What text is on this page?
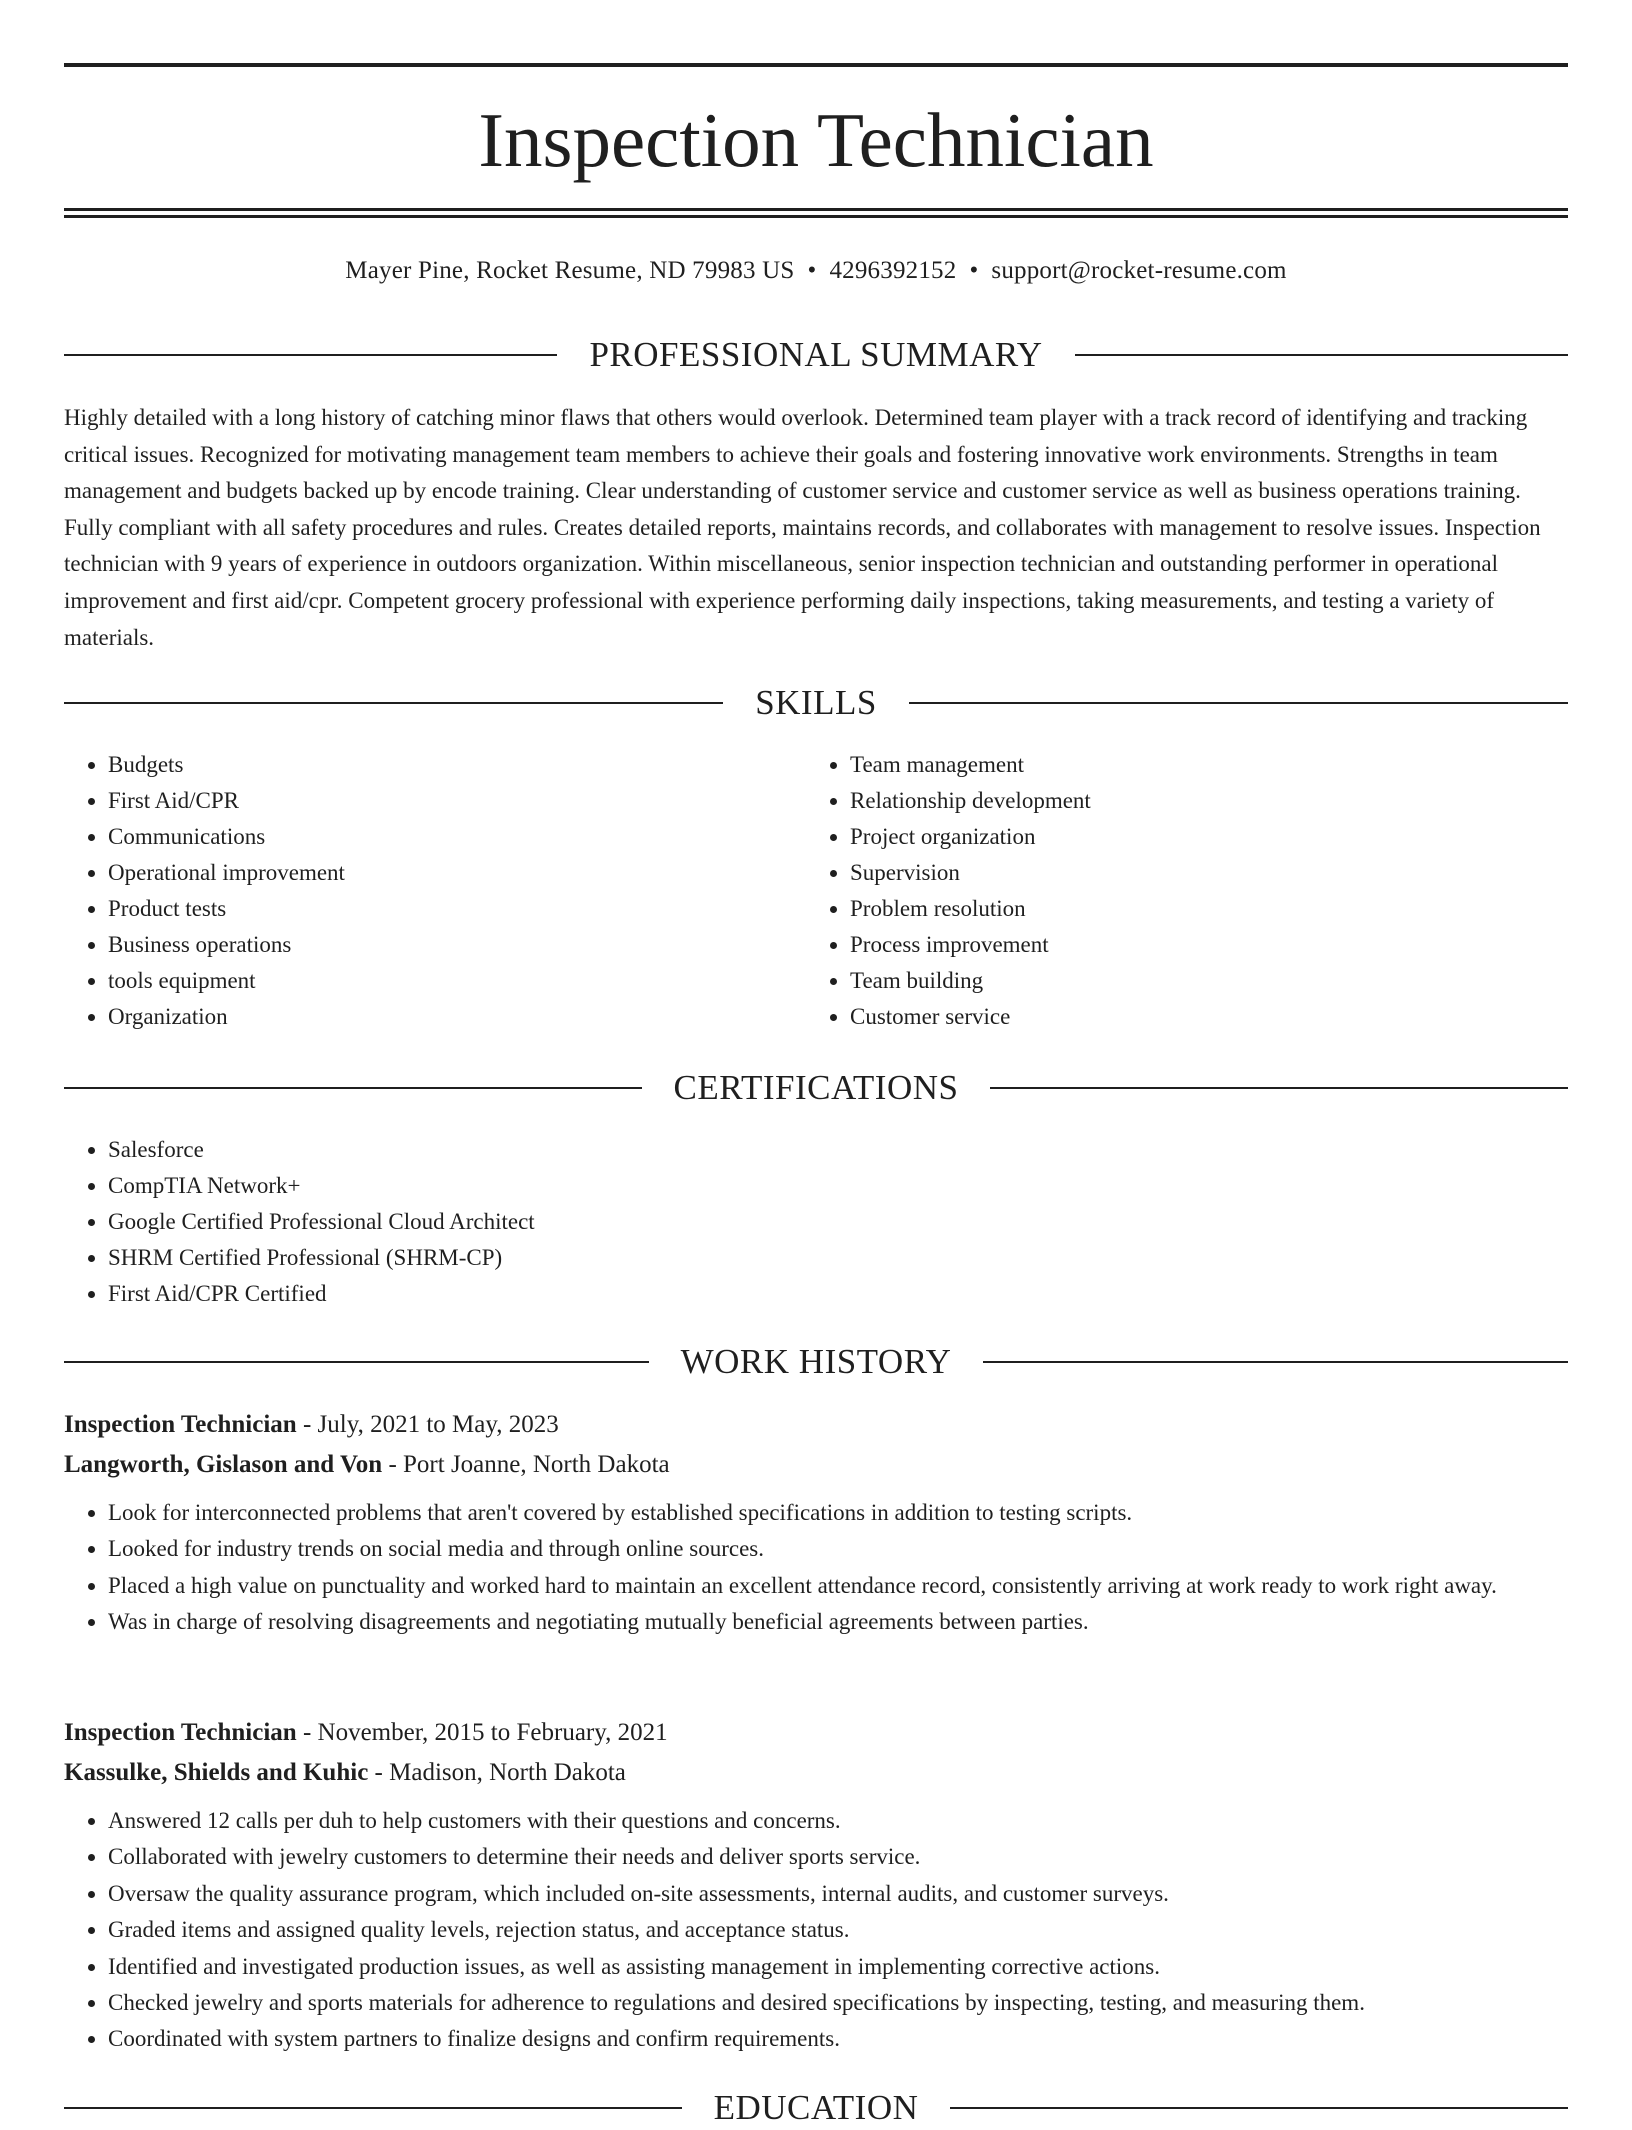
Inspection Technician
Mayer Pine, Rocket Resume, ND 79983 US • 4296392152 • support@rocket-resume.com
PROFESSIONAL SUMMARY

Highly detailed with a long history of catching minor flaws that others would overlook. Determined team player with a track record of identifying and tracking critical issues. Recognized for motivating management team members to achieve their goals and fostering innovative work environments. Strengths in team management and budgets backed up by encode training. Clear understanding of customer service and customer service as well as business operations training. Fully compliant with all safety procedures and rules. Creates detailed reports, maintains records, and collaborates with management to resolve issues. Inspection technician with 9 years of experience in outdoors organization. Within miscellaneous, senior inspection technician and outstanding performer in operational improvement and first aid/cpr. Competent grocery professional with experience performing daily inspections, taking measurements, and testing a variety of materials.

SKILLS
• Budgets
• First Aid/CPR
• Communications
• Operational improvement
• Product tests
• Business operations
• tools equipment
• Organization
• Team management
• Relationship development
• Project organization
• Supervision
• Problem resolution
• Process improvement
• Team building
• Customer service
CERTIFICATIONS
• Salesforce
• CompTIA Network+
• Google Certified Professional Cloud Architect
• SHRM Certified Professional (SHRM-CP)
• First Aid/CPR Certified
WORK HISTORY
Inspection Technician - July, 2021 to May, 2023
Langworth, Gislason and Von - Port Joanne, North Dakota
• Look for interconnected problems that aren't covered by established specifications in addition to testing scripts.
• Looked for industry trends on social media and through online sources.
• Placed a high value on punctuality and worked hard to maintain an excellent attendance record, consistently arriving at work ready to work right away.
• Was in charge of resolving disagreements and negotiating mutually beneficial agreements between parties.
Inspection Technician - November, 2015 to February, 2021
Kassulke, Shields and Kuhic - Madison, North Dakota
• Answered 12 calls per duh to help customers with their questions and concerns.
• Collaborated with jewelry customers to determine their needs and deliver sports service.
• Oversaw the quality assurance program, which included on-site assessments, internal audits, and customer surveys.
• Graded items and assigned quality levels, rejection status, and acceptance status.
• Identified and investigated production issues, as well as assisting management in implementing corrective actions.
• Checked jewelry and sports materials for adherence to regulations and desired specifications by inspecting, testing, and measuring them.
• Coordinated with system partners to finalize designs and confirm requirements.
EDUCATION
